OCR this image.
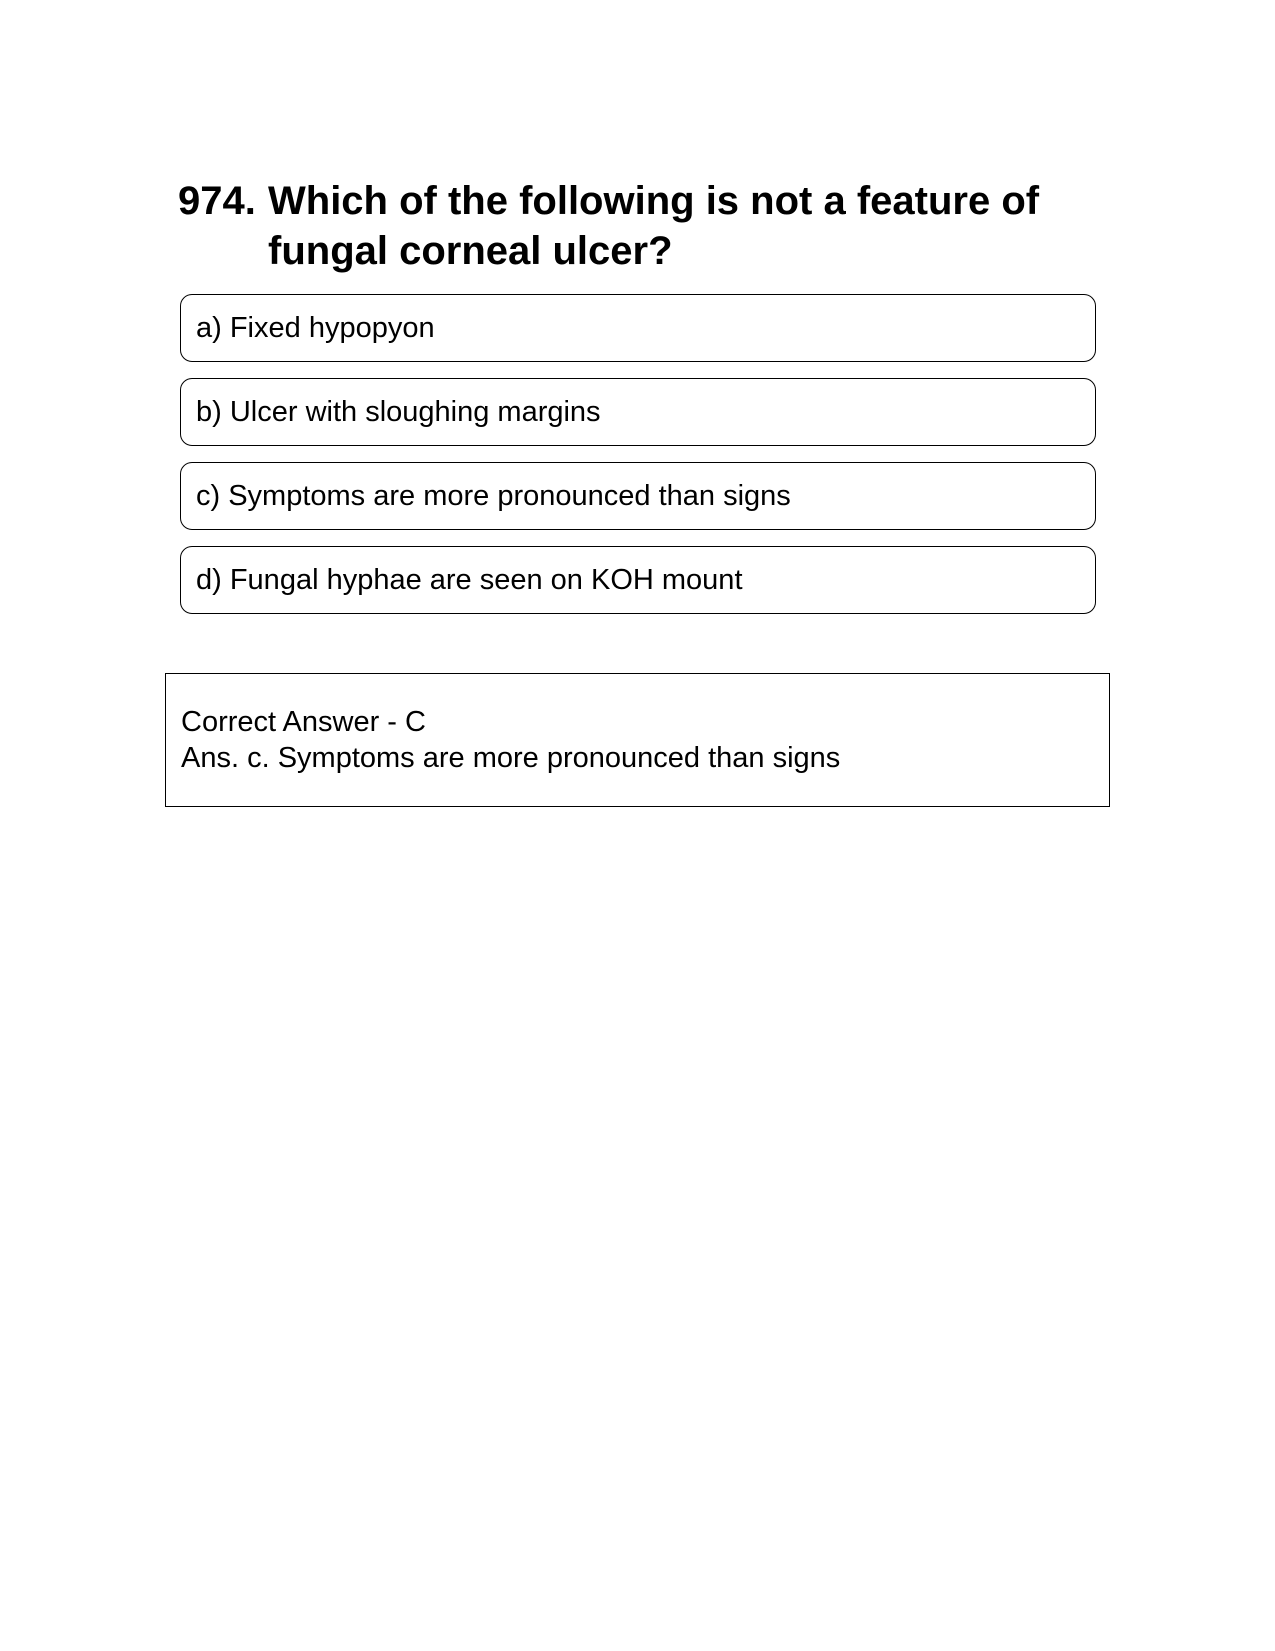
974. Which of the following is not a feature of fungal corneal ulcer?
a) Fixed hypopyon
b) Ulcer with sloughing margins
c) Symptoms are more pronounced than signs
d) Fungal hyphae are seen on KOH mount
Correct Answer - C
Ans. c. Symptoms are more pronounced than signs
